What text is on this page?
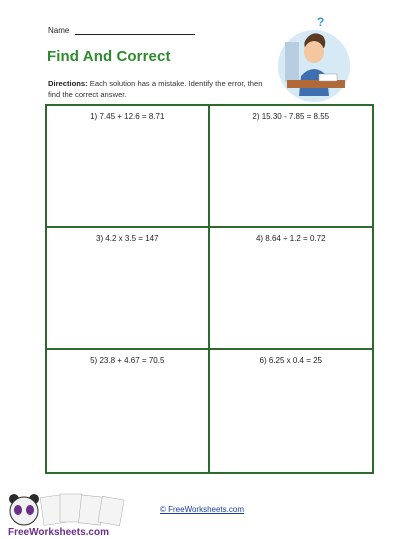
Name
Find And Correct
Directions: Each solution has a mistake. Identify the error, then find the correct answer.
?
1) 7.45 + 12.6 = 8.71	2) 15.30 - 7.85 = 8.55
3) 4.2 x 3.5 = 147	4) 8.64 ÷ 1.2 = 0.72
5) 23.8 + 4.67 = 70.5	6) 6.25 x 0.4 = 25
FreeWorksheets.com
© FreeWorksheets.com
